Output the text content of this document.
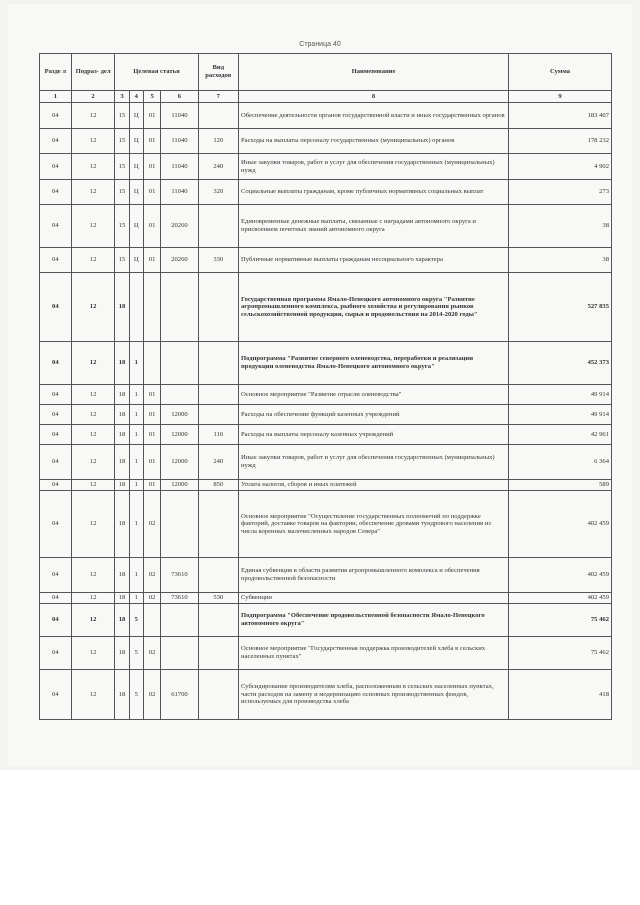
Страница 40
Разде л	Подраз- дел	Целевая статья				Вид расходов	Наименование	Сумма
1	2	3	4	5	6	7	8	9
04	12	15	Ц	01	11040		Обеспечение деятельности органов государственной власти и иных государственных органов	183 407
04	12	15	Ц	01	11040	120	Расходы на выплаты персоналу государственных (муниципальных) органов	178 232
04	12	15	Ц	01	11040	240	Иные закупки товаров, работ и услуг для обеспечения государственных (муниципальных) нужд	4 902
04	12	15	Ц	01	11040	320	Социальные выплаты гражданам, кроме публичных нормативных социальных выплат	273
04	12	15	Ц	01	20260		Единовременные денежные выплаты, связанные с наградами автономного округа и присвоением почетных званий автономного округа	38
04	12	15	Ц	01	20260	330	Публичные нормативные выплаты гражданам несоциального характера	38
04	12	18					Государственная программа Ямало-Ненецкого автономного округа "Развитие агропромышленного комплекса, рыбного хозяйства и регулирования рынков сельскохозяйственной продукции, сырья и продовольствия на 2014-2020 годы"	527 835
04	12	18	1				Подпрограмма "Развитие северного оленеводства, переработки и реализации продукции оленеводства Ямало-Ненецкого автономного округа"	452 373
04	12	18	1	01			Основное мероприятие "Развитие отрасли оленеводства"	49 914
04	12	18	1	01	12000		Расходы на обеспечение функций казенных учреждений	49 914
04	12	18	1	01	12000	110	Расходы на выплаты персоналу казенных учреждений	42 961
04	12	18	1	01	12000	240	Иные закупки товаров, работ и услуг для обеспечения государственных (муниципальных) нужд	6 364
04	12	18	1	01	12000	850	Уплата налогов, сборов и иных платежей	589
04	12	18	1	02			Основное мероприятие "Осуществление государственных полномочий по поддержке факторий, доставке товаров на фактории, обеспечение дровами тундрового населения из числа коренных малочисленных народов Севера"	402 459
04	12	18	1	02	73610		Единая субвенция в области развития агропромышленного комплекса и обеспечения продовольственной безопасности	402 459
04	12	18	1	02	73610	530	Субвенции	402 459
04	12	18	5				Подпрограмма "Обеспечение продовольственной безопасности Ямало-Ненецкого автономного округа"	75 462
04	12	18	5	02			Основное мероприятие "Государственная поддержка производителей хлеба в сельских населенных пунктах"	75 462
04	12	18	5	02	61700		Субсидирование производителям хлеба, расположенным в сельских населенных пунктах, части расходов на замену и модернизацию основных производственных фондов, используемых для производства хлеба	418
